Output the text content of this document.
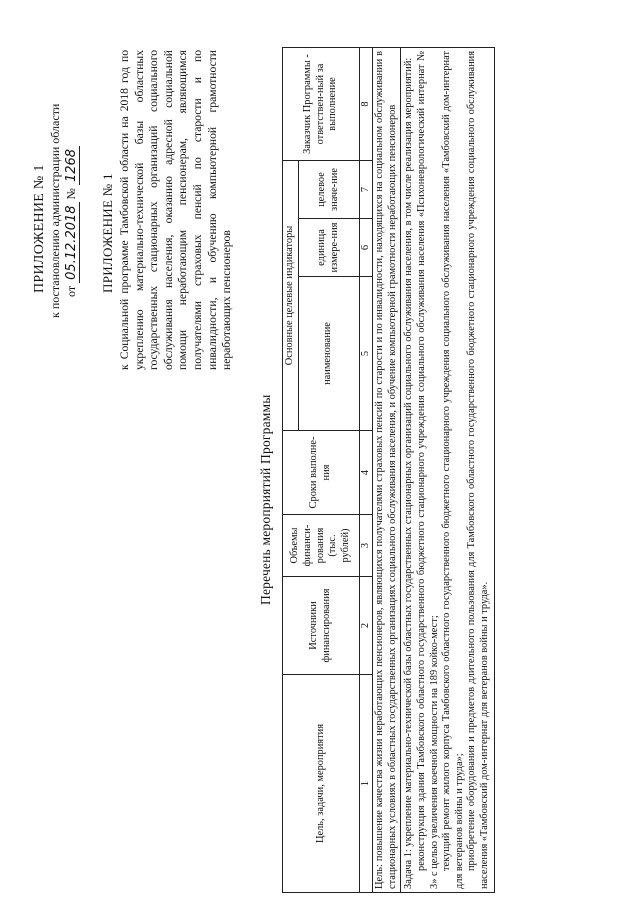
ПРИЛОЖЕНИЕ № 1 к постановлению администрации области от 05.12.2018 № 1268
ПРИЛОЖЕНИЕ № 1 к Социальной программе Тамбовской области на 2018 год по укреплению материально-технической базы областных государственных стационарных организаций социального обслуживания населения, оказанию адресной социальной помощи неработающим пенсионерам, являющимся получателями страховых пенсий по старости и по инвалидности, и обучению компьютерной грамотности неработающих пенсионеров
Перечень мероприятий Программы
Цель, задачи, мероприятия	Источники финансирования	Объемы финанси-рования (тыс. рублей)	Сроки выполне-ния	Основные целевые индикаторы			Заказчик Программы - ответствен-ный за выполнение
				наименование	единица измере-ния	целевое значе-ние	
1	2	3	4	5	6	7	8
Цель: повышение качества жизни неработающих пенсионеров, являющихся получателями страховых пенсий по старости и по инвалидности, находящихся на социальном обслуживании в стационарных условиях в областных государственных организациях социального обслуживания населения, и обучение компьютерной грамотности неработающих пенсионеров							

Задача 1: укрепление материально-технической базы областных государственных стационарных организаций социального обслуживания населения, в том числе реализация мероприятий: реконструкция здания Тамбовского областного государственного бюджетного стационарного учреждения социального обслуживания населения «Психоневрологический интернат № 3» с целью увеличения коечной мощности на 189 койко-мест; текущий ремонт жилого корпуса Тамбовского областного государственного бюджетного стационарного учреждения социального обслуживания населения «Тамбовский дом-интернат для ветеранов войны и труда»; приобретение оборудования и предметов длительного пользования для Тамбовского областного государственного бюджетного стационарного учреждения социального обслуживания населения «Тамбовский дом-интернат для ветеранов войны и труда».							
